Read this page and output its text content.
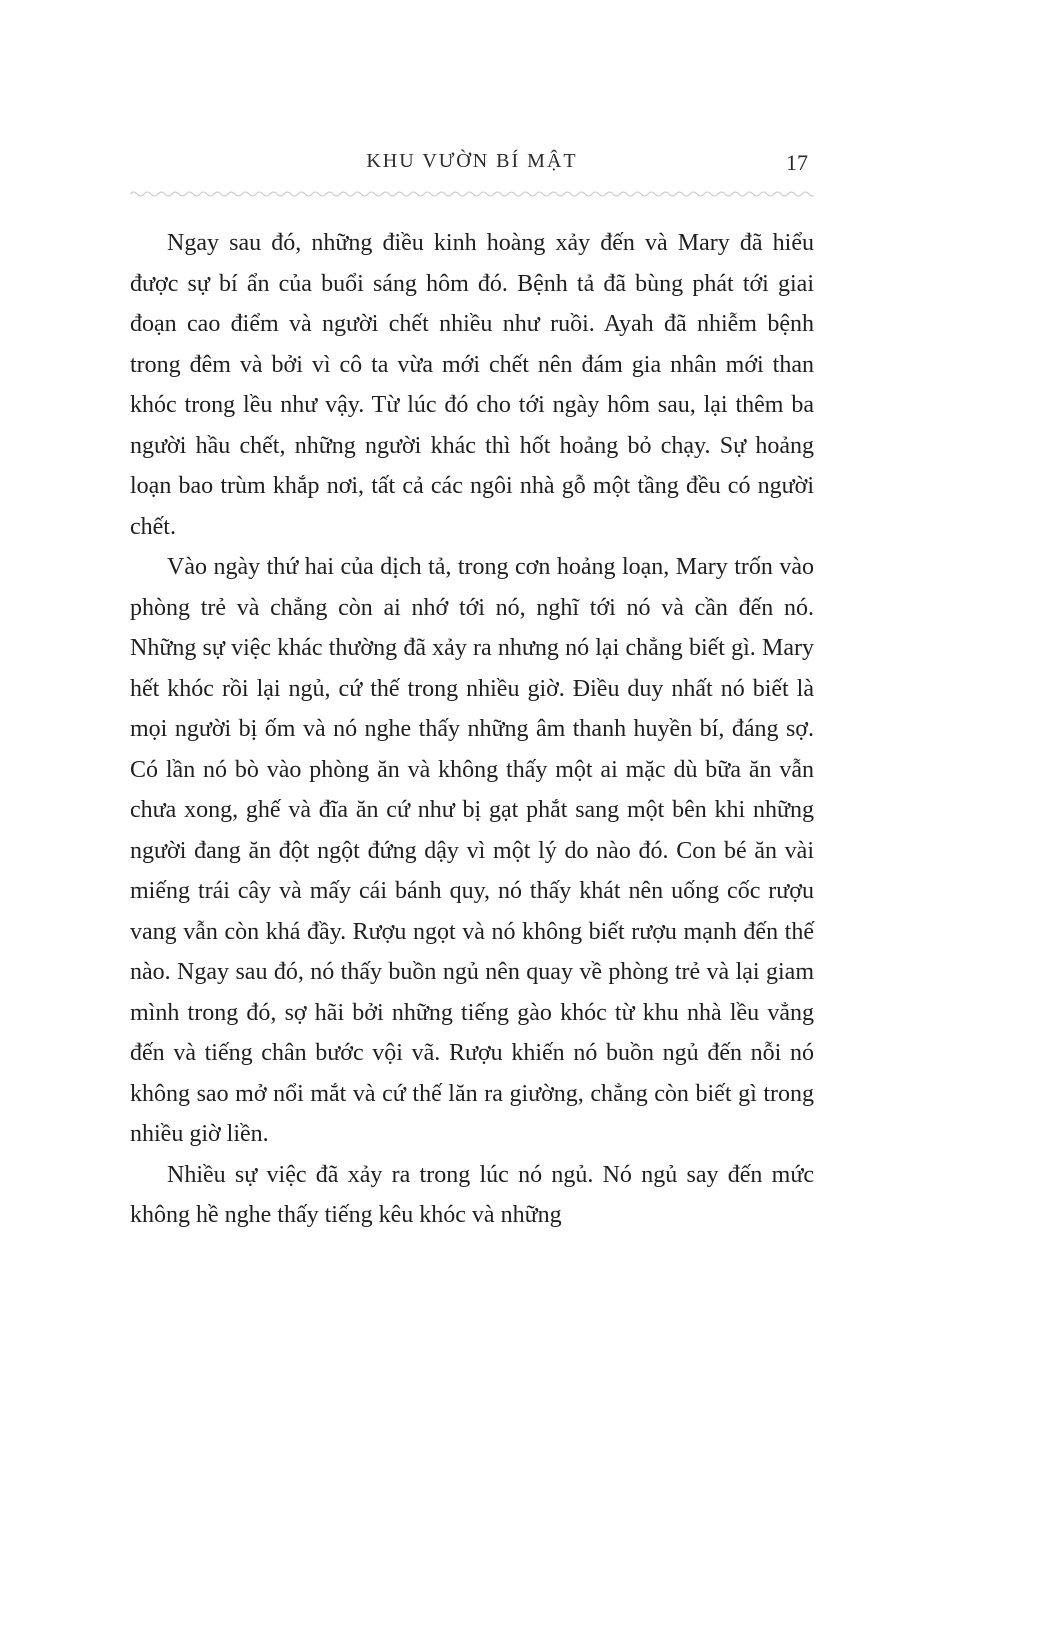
KHU VƯỜN BÍ MẬT	17

Ngay sau đó, những điều kinh hoàng xảy đến và Mary đã hiểu được sự bí ẩn của buổi sáng hôm đó. Bệnh tả đã bùng phát tới giai đoạn cao điểm và người chết nhiều như ruồi. Ayah đã nhiễm bệnh trong đêm và bởi vì cô ta vừa mới chết nên đám gia nhân mới than khóc trong lều như vậy. Từ lúc đó cho tới ngày hôm sau, lại thêm ba người hầu chết, những người khác thì hốt hoảng bỏ chạy. Sự hoảng loạn bao trùm khắp nơi, tất cả các ngôi nhà gỗ một tầng đều có người chết.

Vào ngày thứ hai của dịch tả, trong cơn hoảng loạn, Mary trốn vào phòng trẻ và chẳng còn ai nhớ tới nó, nghĩ tới nó và cần đến nó. Những sự việc khác thường đã xảy ra nhưng nó lại chẳng biết gì. Mary hết khóc rồi lại ngủ, cứ thế trong nhiều giờ. Điều duy nhất nó biết là mọi người bị ốm và nó nghe thấy những âm thanh huyền bí, đáng sợ. Có lần nó bò vào phòng ăn và không thấy một ai mặc dù bữa ăn vẫn chưa xong, ghế và đĩa ăn cứ như bị gạt phắt sang một bên khi những người đang ăn đột ngột đứng dậy vì một lý do nào đó. Con bé ăn vài miếng trái cây và mấy cái bánh quy, nó thấy khát nên uống cốc rượu vang vẫn còn khá đầy. Rượu ngọt và nó không biết rượu mạnh đến thế nào. Ngay sau đó, nó thấy buồn ngủ nên quay về phòng trẻ và lại giam mình trong đó, sợ hãi bởi những tiếng gào khóc từ khu nhà lều vẳng đến và tiếng chân bước vội vã. Rượu khiến nó buồn ngủ đến nỗi nó không sao mở nổi mắt và cứ thế lăn ra giường, chẳng còn biết gì trong nhiều giờ liền.

Nhiều sự việc đã xảy ra trong lúc nó ngủ. Nó ngủ say đến mức không hề nghe thấy tiếng kêu khóc và những
